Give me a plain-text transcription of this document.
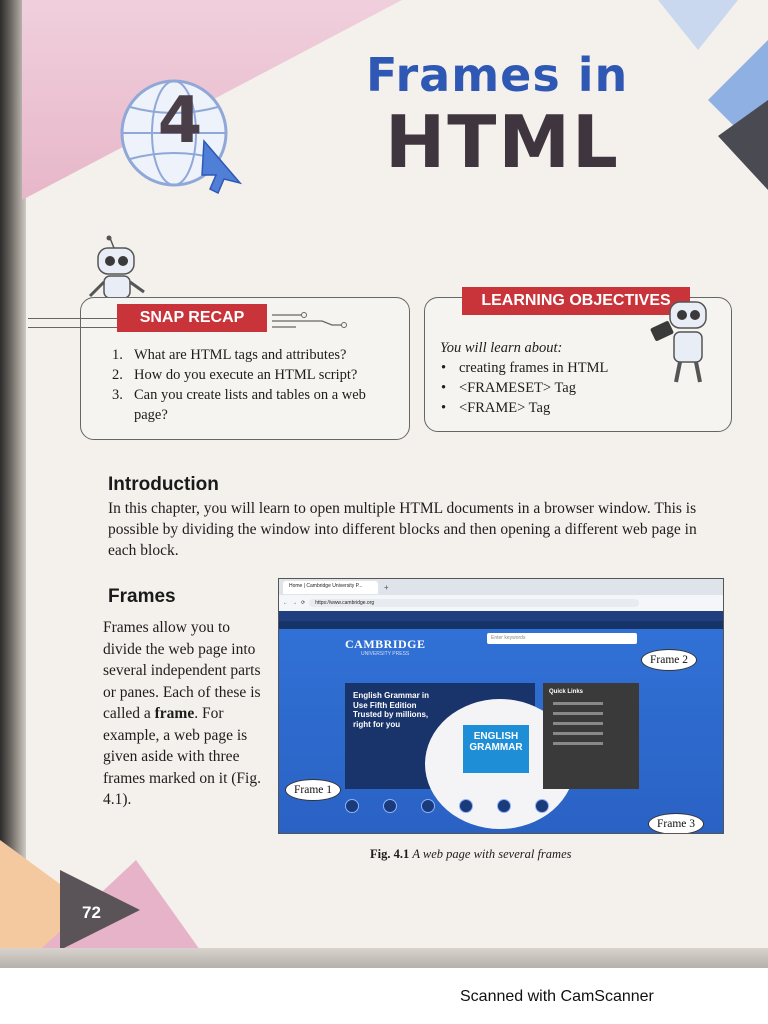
4
Frames in
HTML
SNAP RECAP
1. What are HTML tags and attributes?
2. How do you execute an HTML script?
3. Can you create lists and tables on a web page?
LEARNING OBJECTIVES
You will learn about:
• creating frames in HTML
• <FRAMESET> Tag
• <FRAME> Tag
Introduction

In this chapter, you will learn to open multiple HTML documents in a browser window. This is possible by dividing the window into different blocks and then opening a different web page in each block.

Frames

Frames allow you to divide the web page into several independent parts or panes. Each of these is called a frame. For example, a web page is given aside with three frames marked on it (Fig. 4.1).

Home | Cambridge University P...	+
← → ⟳	https://www.cambridge.org
CAMBRIDGE
UNIVERSITY PRESS
Enter keywords
English Grammar in Use Fifth Edition Trusted by millions, right for you
ENGLISH GRAMMAR
Quick Links
Frame 1
Frame 2
Frame 3
Fig. 4.1 A web page with several frames
72
Scanned with CamScanner
